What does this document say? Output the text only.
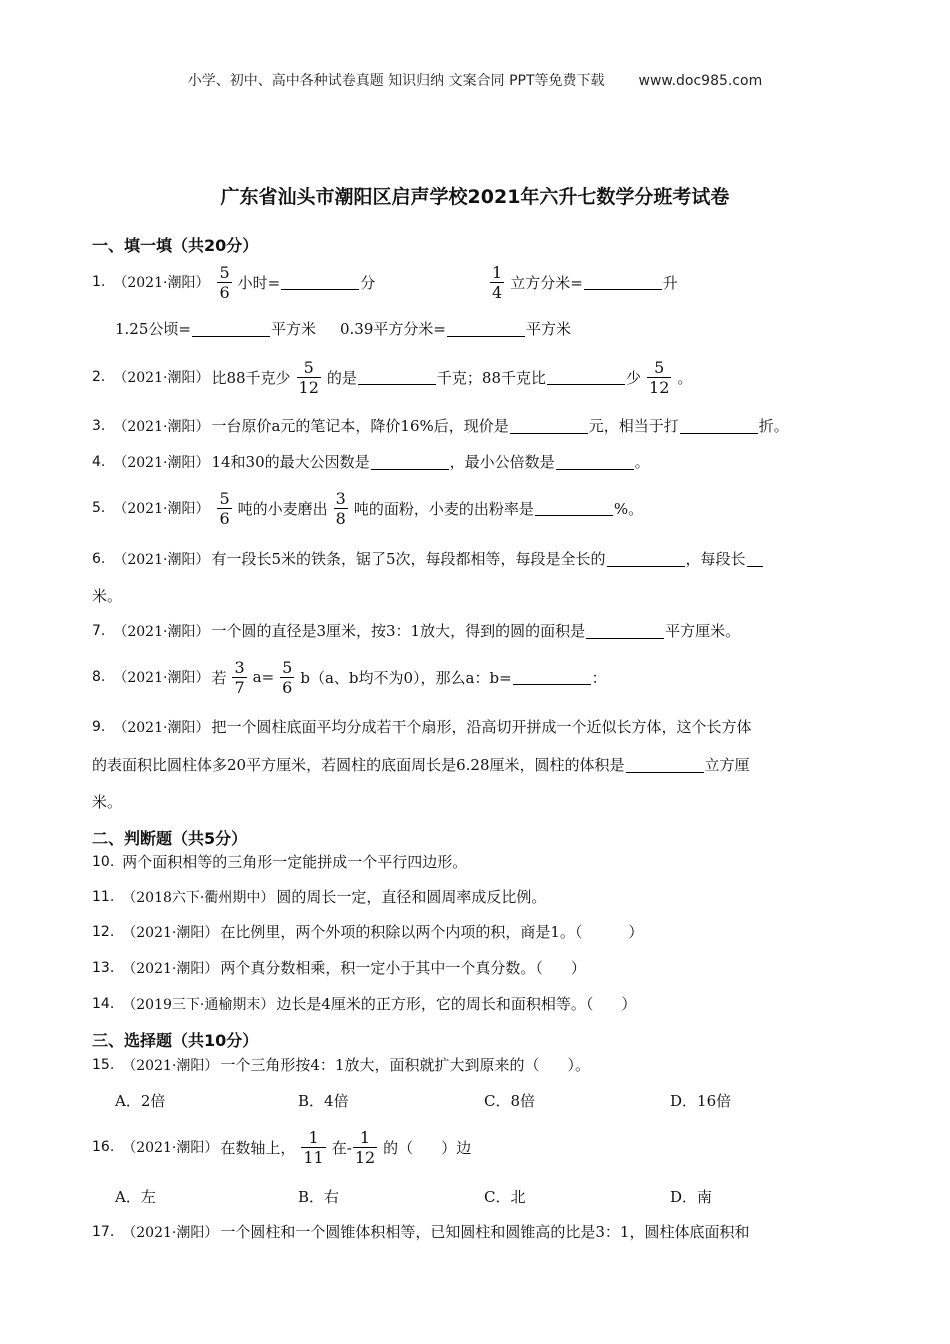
小学、初中、高中各种试卷真题 知识归纳 文案合同 PPT等免费下载 www.doc985.com
广东省汕头市潮阳区启声学校2021年六升七数学分班考试卷
一、填一填（共20分）
1. （2021·潮阳） $\frac{5}{6}$ 小时=	分	$\frac{1}{4}$ 立方分米=	升
1.25公顷=	平方米 0.39平方分米=	平方米
2. （2021·潮阳） 比88千克少 $\frac{5}{12}$ 的是	千克；88千克比	少 $\frac{5}{12}$ 。
3. （2021·潮阳） 一台原价a元的笔记本，降价16%后，现价是	元，相当于打	折。
4. （2021·潮阳） 14和30的最大公因数是	，最小公倍数是	。
5. （2021·潮阳） $\frac{5}{6}$ 吨的小麦磨出 $\frac{3}{8}$ 吨的面粉，小麦的出粉率是	%。
6. （2021·潮阳） 有一段长5米的铁条，锯了5次，每段都相等，每段是全长的	，每段长
米。
7. （2021·潮阳） 一个圆的直径是3厘米，按3：1放大，得到的圆的面积是	平方厘米。
8. （2021·潮阳） 若 $\frac{3}{7} a= \frac{5}{6} b(a$、b均不为0），那么a：b=	：
9. （2021·潮阳） 把一个圆柱底面平均分成若干个扇形，沿高切开拼成一个近似长方体，这个长方体
的表面积比圆柱体多20平方厘米，若圆柱的底面周长是6.28厘米，圆柱的体积是	立方厘
米。
二、判断题（共5分）
10. 两个面积相等的三角形一定能拼成一个平行四边形。
11. （2018六下·衢州期中） 圆的周长一定，直径和圆周率成反比例。
12. （2021·潮阳） 在比例里，两个外项的积除以两个内项的积，商是1。（	）
13. （2021·潮阳） 两个真分数相乘，积一定小于其中一个真分数。（ ）
14. （2019三下·通榆期末） 边长是4厘米的正方形，它的周长和面积相等。（ ）
三、选择题（共10分）
15. （2021·潮阳） 一个三角形按4：1放大，面积就扩大到原来的（ ）。
A．2倍	B．4倍	C．8倍	D．16倍
16. （2021·潮阳） 在数轴上， $\frac{1}{11}$ 在- $\frac{1}{12}$ 的（ ）边
A．左	B．右	C．北	D．南
17. （2021·潮阳） 一个圆柱和一个圆锥体积相等，已知圆柱和圆锥高的比是3：1，圆柱体底面积和
